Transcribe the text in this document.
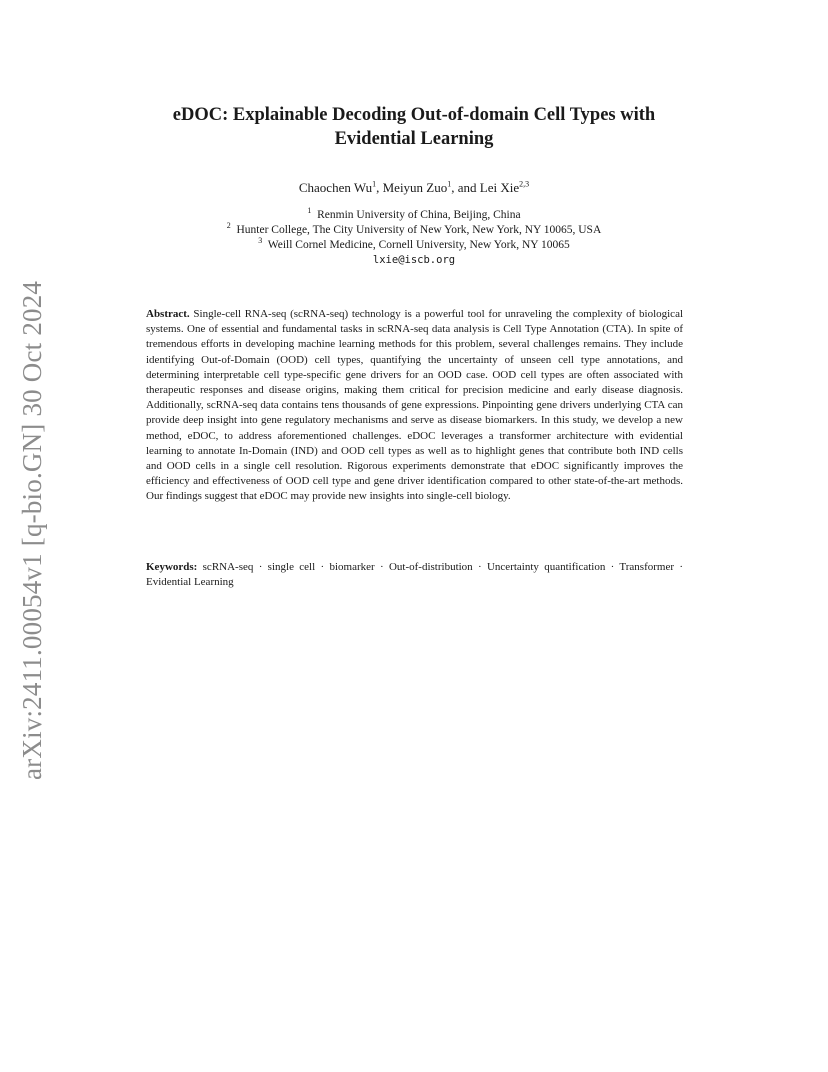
arXiv:2411.00054v1 [q-bio.GN] 30 Oct 2024
eDOC: Explainable Decoding Out-of-domain Cell Types with
Evidential Learning
Chaochen Wu$^1$, Meiyun Zuo$^1$, and Lei Xie$^{2,3}$
$^1$ Renmin University of China, Beijing, China
$^2$ Hunter College, The City University of New York, New York, NY 10065, USA
$^3$ Weill Cornel Medicine, Cornell University, New York, NY 10065
lxie@iscb.org
Abstract. Single-cell RNA-seq (scRNA-seq) technology is a powerful tool for unraveling the complexity of biological systems. One of essential and fundamental tasks in scRNA-seq data analysis is Cell Type Annotation (CTA). In spite of tremendous efforts in developing machine learning methods for this problem, several challenges remains. They include identifying Out-of-Domain (OOD) cell types, quantifying the uncertainty of unseen cell type annotations, and determining interpretable cell type-specific gene drivers for an OOD case. OOD cell types are often associated with therapeutic responses and disease origins, making them critical for precision medicine and early disease diagnosis. Additionally, scRNA-seq data contains tens thousands of gene expressions. Pinpointing gene drivers underlying CTA can provide deep insight into gene regulatory mechanisms and serve as disease biomarkers. In this study, we develop a new method, eDOC, to address aforementioned challenges. eDOC leverages a transformer architecture with evidential learning to annotate In-Domain (IND) and OOD cell types as well as to highlight genes that contribute both IND cells and OOD cells in a single cell resolution. Rigorous experiments demonstrate that eDOC significantly improves the efficiency and effectiveness of OOD cell type and gene driver identification compared to other state-of-the-art methods. Our findings suggest that eDOC may provide new insights into single-cell biology.
Keywords: scRNA-seq · single cell · biomarker · Out-of-distribution · Uncertainty quantification · Transformer · Evidential Learning
